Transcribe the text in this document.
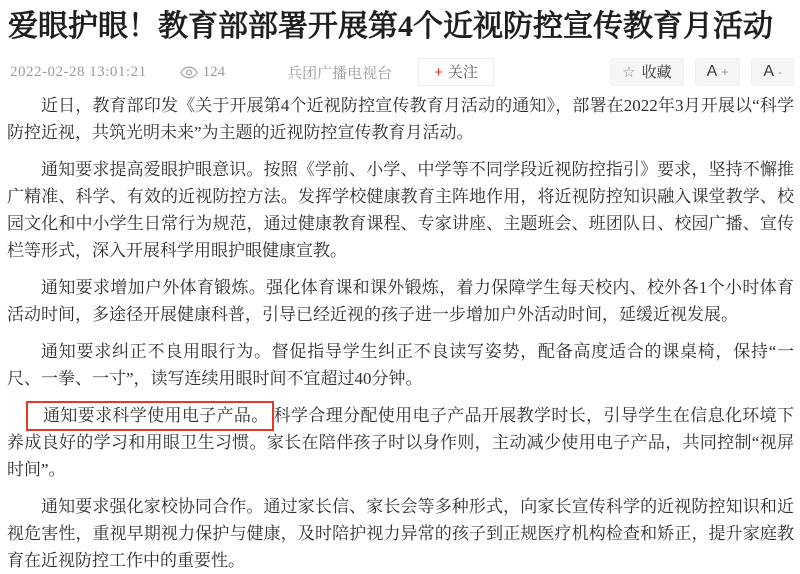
爱眼护眼！教育部部署开展第4个近视防控宣传教育月活动
2022-02-28 13:01:21	124	兵团广播电视台	+ 关注	☆ 收藏 A + A -

近日，教育部印发《关于开展第4个近视防控宣传教育月活动的通知》，部署在2022年3月开展以“科学防控近视，共筑光明未来”为主题的近视防控宣传教育月活动。

通知要求提高爱眼护眼意识。按照《学前、小学、中学等不同学段近视防控指引》要求，坚持不懈推广精准、科学、有效的近视防控方法。发挥学校健康教育主阵地作用，将近视防控知识融入课堂教学、校园文化和中小学生日常行为规范，通过健康教育课程、专家讲座、主题班会、班团队日、校园广播、宣传栏等形式，深入开展科学用眼护眼健康宣教。

通知要求增加户外体育锻炼。强化体育课和课外锻炼，着力保障学生每天校内、校外各1个小时体育活动时间，多途径开展健康科普，引导已经近视的孩子进一步增加户外活动时间，延缓近视发展。

通知要求纠正不良用眼行为。督促指导学生纠正不良读写姿势，配备高度适合的课桌椅，保持“一尺、一拳、一寸”，读写连续用眼时间不宜超过40分钟。

通知要求科学使用电子产品。 科学合理分配使用电子产品开展教学时长，引导学生在信息化环境下养成良好的学习和用眼卫生习惯。家长在陪伴孩子时以身作则，主动减少使用电子产品，共同控制“视屏时间”。

通知要求强化家校协同合作。通过家长信、家长会等多种形式，向家长宣传科学的近视防控知识和近视危害性，重视早期视力保护与健康，及时陪护视力异常的孩子到正规医疗机构检查和矫正，提升家庭教育在近视防控工作中的重要性。
